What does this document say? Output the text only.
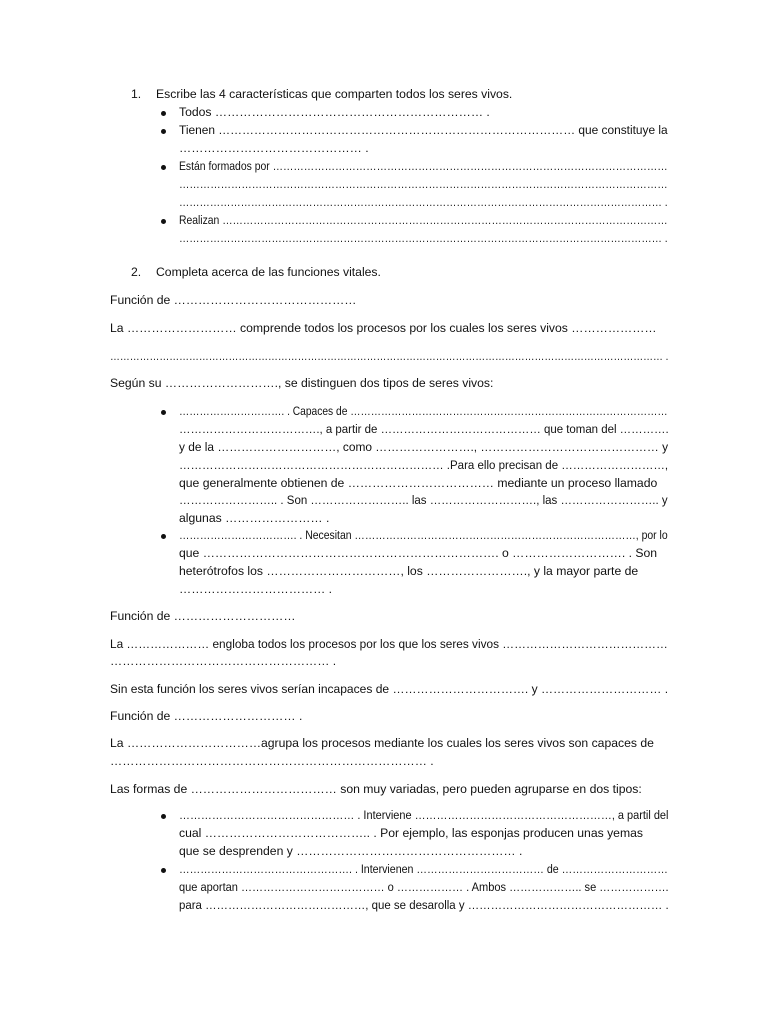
1. Escribe las 4 características que comparten todos los seres vivos.
Todos ………………………………………………………… .
Tienen ……………………………………………………………………………… que constituye la
……………………………………… .
Están formados por ……………………………………………………………………………………………………
……………………………………………………………………………………………………………………………
…………………………………………………………………………………………………………………………… .
Realizan …………………………………………………………………………………………………………………
…………………………………………………………………………………………………………………………… .
2. Completa acerca de las funciones vitales.
Función de ………………………………………
La ……………………… comprende todos los procesos por los cuales los seres vivos …………………
…………………………………………………………………………………………………………………………………………………… .
Según su ………………………., se distinguen dos tipos de seres vivos:
…………………………. . Capaces de …………………………………………………………………………………
………………………………., a partir de …………………………………… que toman del ………….
y de la …………………………, como ……………………., ……………………………………… y
…………………………………………………………… .Para ello precisan de ………………………,
que generalmente obtienen de ……………………………… mediante un proceso llamado
…………………….. . Son …………………….. las ………………………., las …………………….. y
algunas …………………… .
……………………………. . Necesitan ………………………………………………………………………, por lo
que ………………………………………………………………. o ………………………. . Son
heterótrofos los ……………………………, los ……………………., y la mayor parte de
……………………………… .
Función de …………………………
La ………………… engloba todos los procesos por los que los seres vivos ……………………………………
……………………………………………… .
Sin esta función los seres vivos serían incapaces de ……………………………. y ………………………… .
Función de ………………………… .
La ……………………………agrupa los procesos mediante los cuales los seres vivos son capaces de
…………………………………………………………………… .
Las formas de ……………………………… son muy variadas, pero pueden agruparse en dos tipos:
………………………………………… . Interviene ………………………………………………, a partil del
cual ………………………………….. . Por ejemplo, las esponjas producen unas yemas
que se desprenden y ……………………………………………… .
…………………………………………. . Intervienen ……………………………… de …………………………
que aportan ………………………………… o ……………… . Ambos ……………….. se ……………….
para ……………………………………, que se desarolla y …………………………………………… .
